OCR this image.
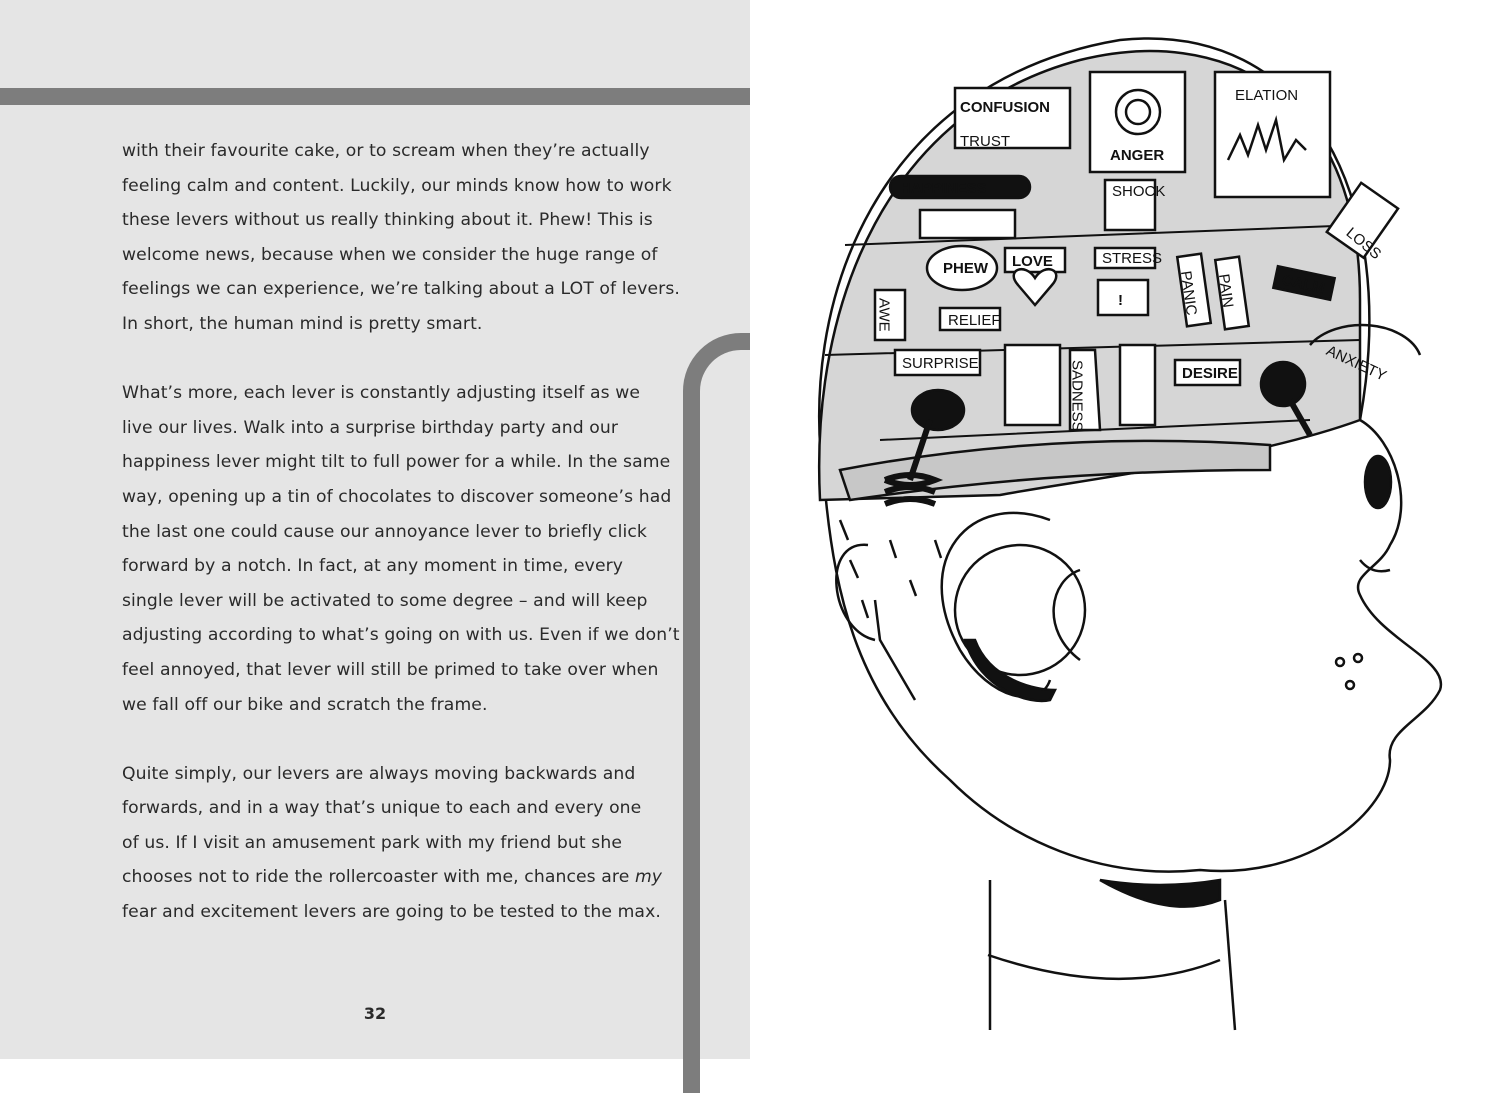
with their favourite cake, or to scream when they’re actually
feeling calm and content. Luckily, our minds know how to work
these levers without us really thinking about it. Phew! This is
welcome news, because when we consider the huge range of
feelings we can experience, we’re talking about a LOT of levers.
In short, the human mind is pretty smart.

What’s more, each lever is constantly adjusting itself as we
live our lives. Walk into a surprise birthday party and our
happiness lever might tilt to full power for a while. In the same
way, opening up a tin of chocolates to discover someone’s had
the last one could cause our annoyance lever to briefly click
forward by a notch. In fact, at any moment in time, every
single lever will be activated to some degree – and will keep
adjusting according to what’s going on with us. Even if we don’t
feel annoyed, that lever will still be primed to take over when
we fall off our bike and scratch the frame.

Quite simply, our levers are always moving backwards and
forwards, and in a way that’s unique to each and every one
of us. If I visit an amusement park with my friend but she
chooses not to ride the rollercoaster with me, chances are my
fear and excitement levers are going to be tested to the max.

32
CONFUSION
TRUST
ANGER
ELATION
HAPPINESS	SHOCK
LOSS
PHEW LOVE	STRESS
!	PANIC PAIN	CALM
AWE	RELIEF
ANXIETY
SURPRISE	SADNESS	DESIRE
